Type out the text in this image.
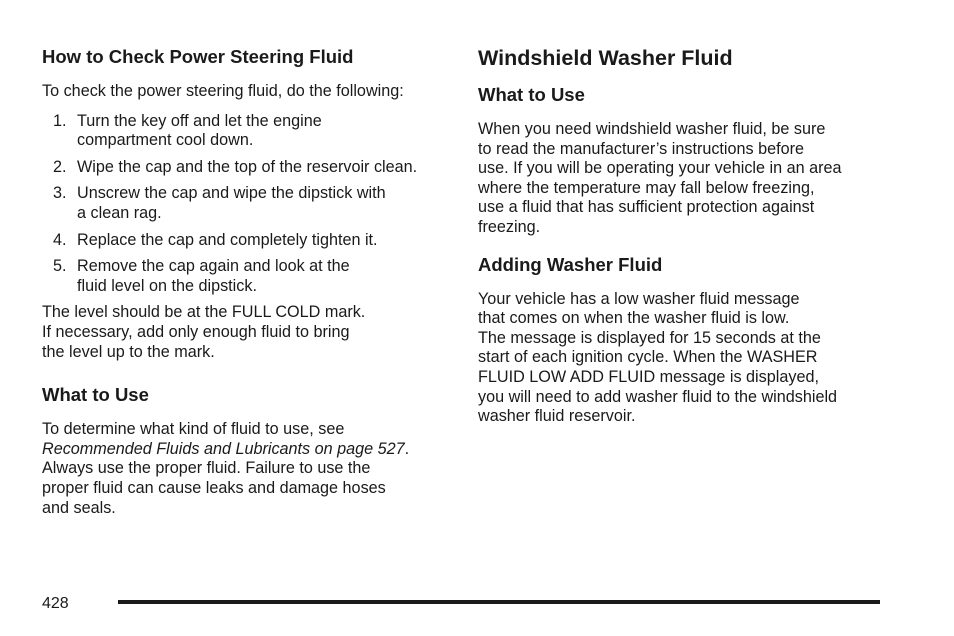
How to Check Power Steering Fluid

To check the power steering fluid, do the following:

1. Turn the key off and let the engine
compartment cool down.
2. Wipe the cap and the top of the reservoir clean.
3. Unscrew the cap and wipe the dipstick with
a clean rag.
4. Replace the cap and completely tighten it.
5. Remove the cap again and look at the
fluid level on the dipstick.

The level should be at the FULL COLD mark.
If necessary, add only enough fluid to bring
the level up to the mark.

What to Use

To determine what kind of fluid to use, see
Recommended Fluids and Lubricants on page 527.
Always use the proper fluid. Failure to use the
proper fluid can cause leaks and damage hoses
and seals.

Windshield Washer Fluid
What to Use

When you need windshield washer fluid, be sure
to read the manufacturer’s instructions before
use. If you will be operating your vehicle in an area
where the temperature may fall below freezing,
use a fluid that has sufficient protection against
freezing.

Adding Washer Fluid

Your vehicle has a low washer fluid message
that comes on when the washer fluid is low.
The message is displayed for 15 seconds at the
start of each ignition cycle. When the WASHER
FLUID LOW ADD FLUID message is displayed,
you will need to add washer fluid to the windshield
washer fluid reservoir.

428
